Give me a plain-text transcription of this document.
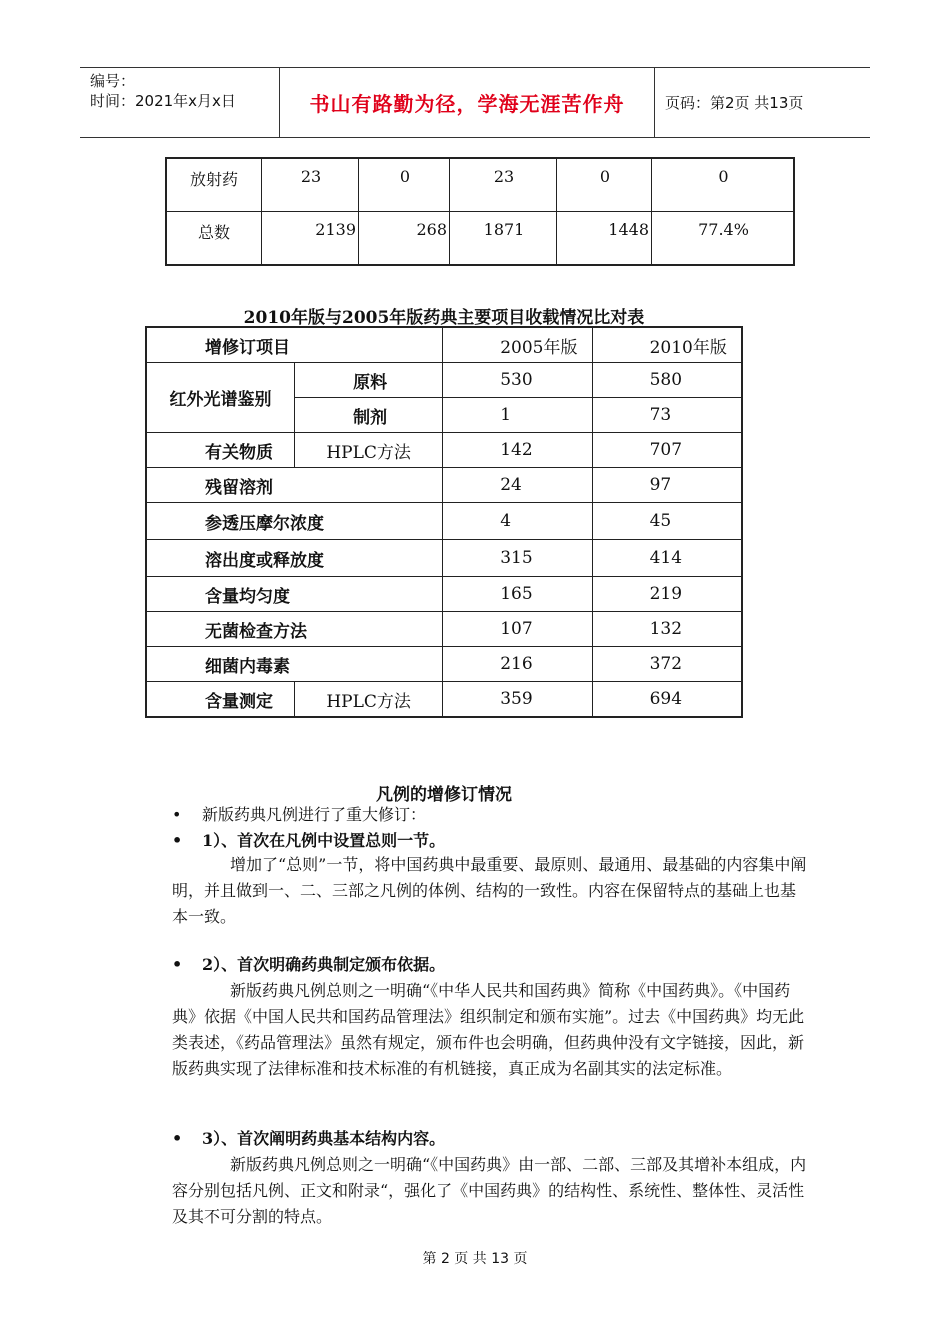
编号：
时间：2021年x月x日	书山有路勤为径，学海无涯苦作舟	页码：第2页 共13页
放射药	23	0	23	0	0
总数	2139	268	1871	1448	77.4%
2010年版与2005年版药典主要项目收载情况比对表
增修订项目		2005年版	2010年版
红外光谱鉴别	原料	530	580
	制剂	1	73
有关物质	HPLC方法	142	707
残留溶剂		24	97
参透压摩尔浓度		4	45
溶出度或释放度		315	414
含量均匀度		165	219
无菌检查方法		107	132
细菌内毒素		216	372
含量测定	HPLC方法	359	694
凡例的增修订情况
• 新版药典凡例进行了重大修订：
• 1）、首次在凡例中设置总则一节。
增加了“总则”一节，将中国药典中最重要、最原则、最通用、最基础的内容集中阐明，并且做到一、二、三部之凡例的体例、结构的一致性。内容在保留特点的基础上也基本一致。
• 2）、首次明确药典制定颁布依据。
新版药典凡例总则之一明确“《中华人民共和国药典》简称《中国药典》。《中国药典》依据《中国人民共和国药品管理法》组织制定和颁布实施”。过去《中国药典》均无此类表述，《药品管理法》虽然有规定，颁布件也会明确，但药典仲没有文字链接，因此，新版药典实现了法律标准和技术标准的有机链接，真正成为名副其实的法定标准。
• 3）、首次阐明药典基本结构内容。
新版药典凡例总则之一明确“《中国药典》由一部、二部、三部及其增补本组成，内容分别包括凡例、正文和附录“，强化了《中国药典》的结构性、系统性、整体性、灵活性及其不可分割的特点。
第 2 页 共 13 页
